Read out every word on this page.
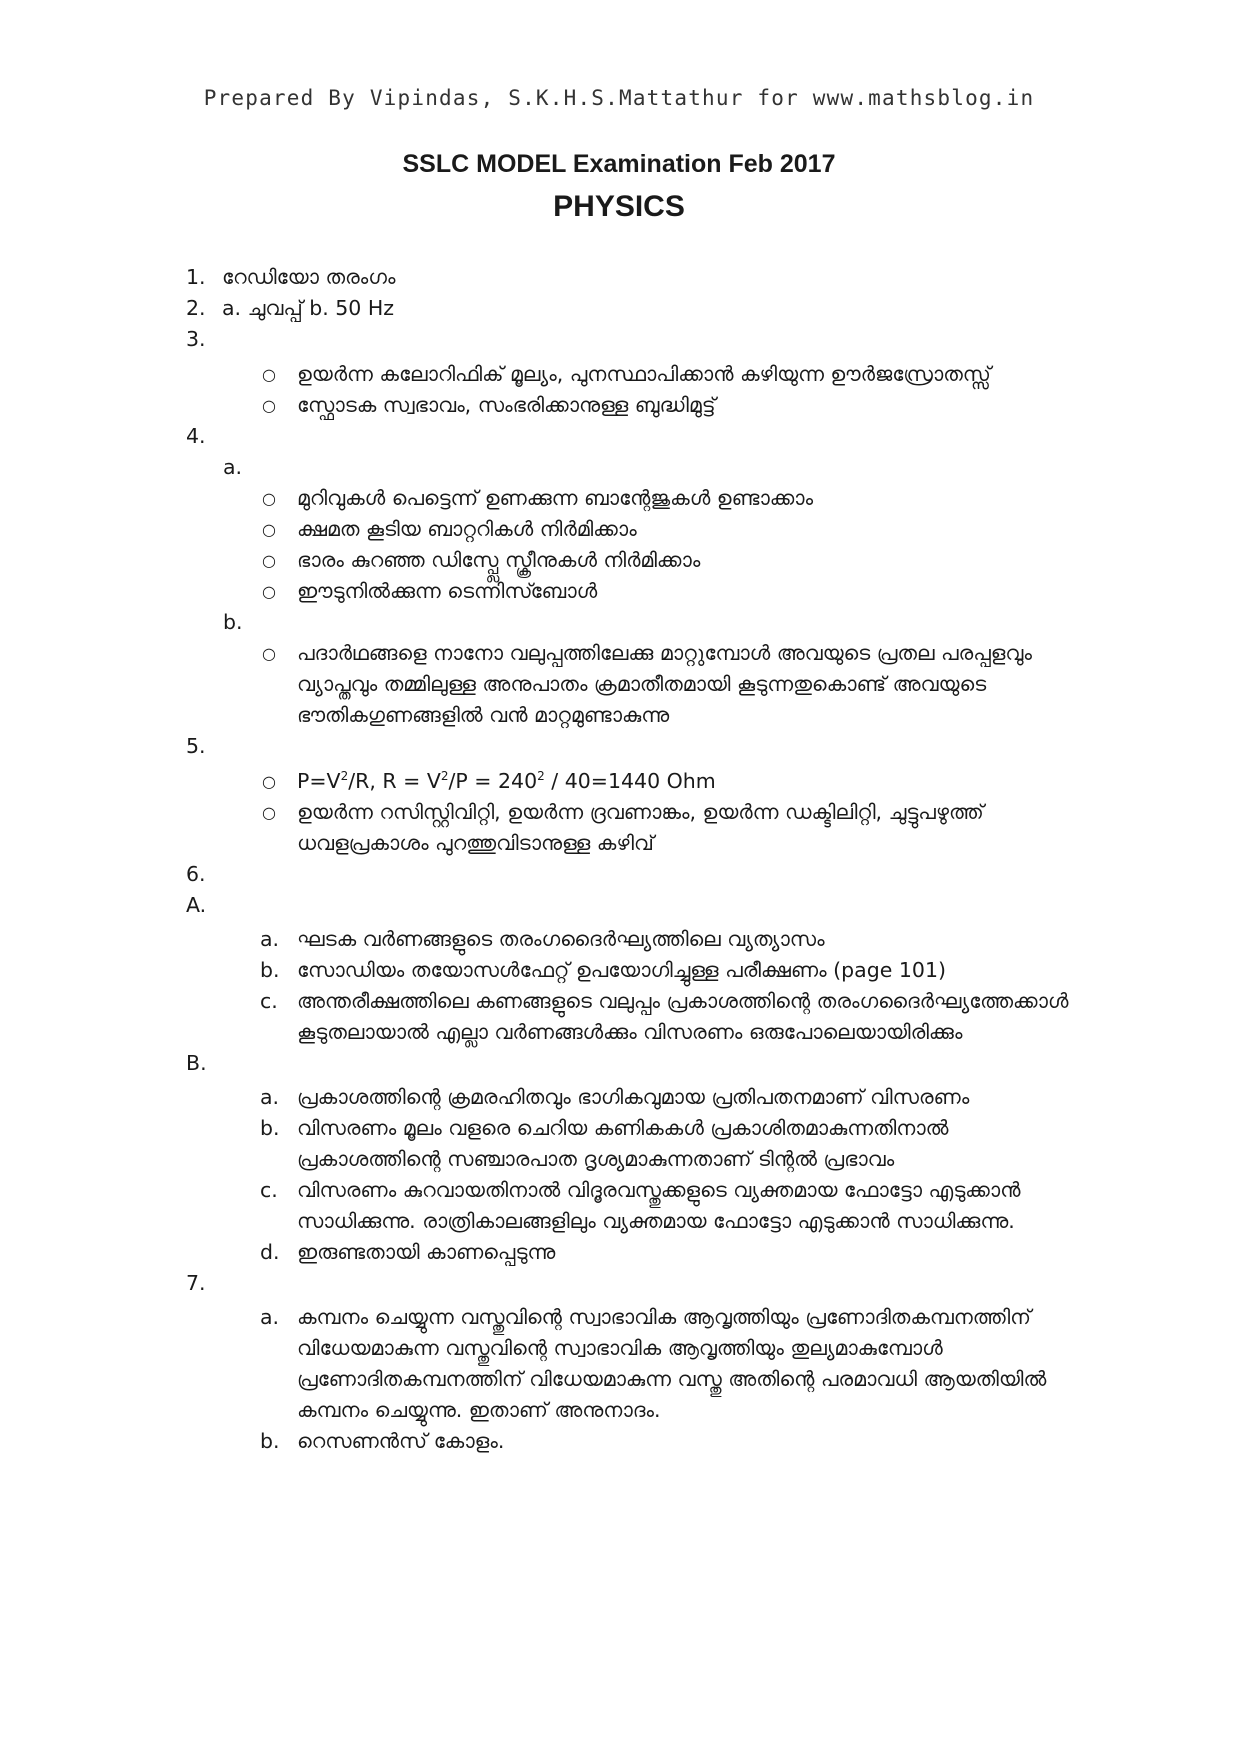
Prepared By Vipindas, S.K.H.S.Mattathur for www.mathsblog.in
SSLC MODEL Examination Feb 2017
PHYSICS
1. റേഡിയോ തരംഗം
2. a. ചുവപ്പ് b. 50 Hz
3.
○ ഉയർന്ന കലോറിഫിക് മൂല്യം, പുനസ്ഥാപിക്കാൻ കഴിയുന്ന ഊർജസ്രോതസ്സ്
○ സ്ഫോടക സ്വഭാവം, സംഭരിക്കാനുള്ള ബുദ്ധിമുട്ട്
4.
a.
○ മുറിവുകൾ പെട്ടെന്ന് ഉണക്കുന്ന ബാന്റേജുകൾ ഉണ്ടാക്കാം
○ ക്ഷമത കൂടിയ ബാറ്ററികൾ നിർമിക്കാം
○ ഭാരം കുറഞ്ഞ ഡിസ്പ്ലേ സ്ക്രീനുകൾ നിർമിക്കാം
○ ഈടുനിൽക്കുന്ന ടെന്നിസ്ബോൾ
b.
○ പദാർഥങ്ങളെ നാനോ വലുപ്പത്തിലേക്കു മാറ്റുമ്പോൾ അവയുടെ പ്രതല പരപ്പളവും വ്യാപ്തവും തമ്മിലുള്ള അനുപാതം ക്രമാതീതമായി കൂടുന്നതുകൊണ്ട് അവയുടെ ഭൗതികഗുണങ്ങളിൽ വൻ മാറ്റമുണ്ടാകുന്നു
5.
○ $P=V^2/R$, $R = V^2/P = 240^2 / 40=1440$ Ohm
○ ഉയർന്ന റസിസ്റ്റിവിറ്റി, ഉയർന്ന ദ്രവണാങ്കം, ഉയർന്ന ഡക്ടിലിറ്റി, ചുട്ടുപഴുത്ത് ധവളപ്രകാശം പുറത്തുവിടാനുള്ള കഴിവ്
6.
A.
a. ഘടക വർണങ്ങളുടെ തരംഗദൈർഘ്യത്തിലെ വ്യത്യാസം
b. സോഡിയം തയോസൾഫേറ്റ് ഉപയോഗിച്ചുള്ള പരീക്ഷണം (page 101)
c. അന്തരീക്ഷത്തിലെ കണങ്ങളുടെ വലുപ്പം പ്രകാശത്തിന്റെ തരംഗദൈർഘ്യത്തേക്കാൾ കൂടുതലായാൽ എല്ലാ വർണങ്ങൾക്കും വിസരണം ഒരുപോലെയായിരിക്കും
B.
a. പ്രകാശത്തിന്റെ ക്രമരഹിതവും ഭാഗികവുമായ പ്രതിപതനമാണ് വിസരണം
b. വിസരണം മൂലം വളരെ ചെറിയ കണികകൾ പ്രകാശിതമാകുന്നതിനാൽ പ്രകാശത്തിന്റെ സഞ്ചാരപാത ദൃശ്യമാകുന്നതാണ് ടിന്റൽ പ്രഭാവം
c. വിസരണം കുറവായതിനാൽ വിദൂരവസ്തുക്കളുടെ വ്യക്തമായ ഫോട്ടോ എടുക്കാൻ സാധിക്കുന്നു. രാത്രികാലങ്ങളിലും വ്യക്തമായ ഫോട്ടോ എടുക്കാൻ സാധിക്കുന്നു.
d. ഇരുണ്ടതായി കാണപ്പെടുന്നു
7.
a. കമ്പനം ചെയ്യുന്ന വസ്തുവിന്റെ സ്വാഭാവിക ആവൃത്തിയും പ്രണോദിതകമ്പനത്തിന് വിധേയമാകുന്ന വസ്തുവിന്റെ സ്വാഭാവിക ആവൃത്തിയും തുല്യമാകുമ്പോൾ പ്രണോദിതകമ്പനത്തിന് വിധേയമാകുന്ന വസ്തു അതിന്റെ പരമാവധി ആയതിയിൽ കമ്പനം ചെയ്യുന്നു. ഇതാണ് അനുനാദം.
b. റെസണൻസ് കോളം.
